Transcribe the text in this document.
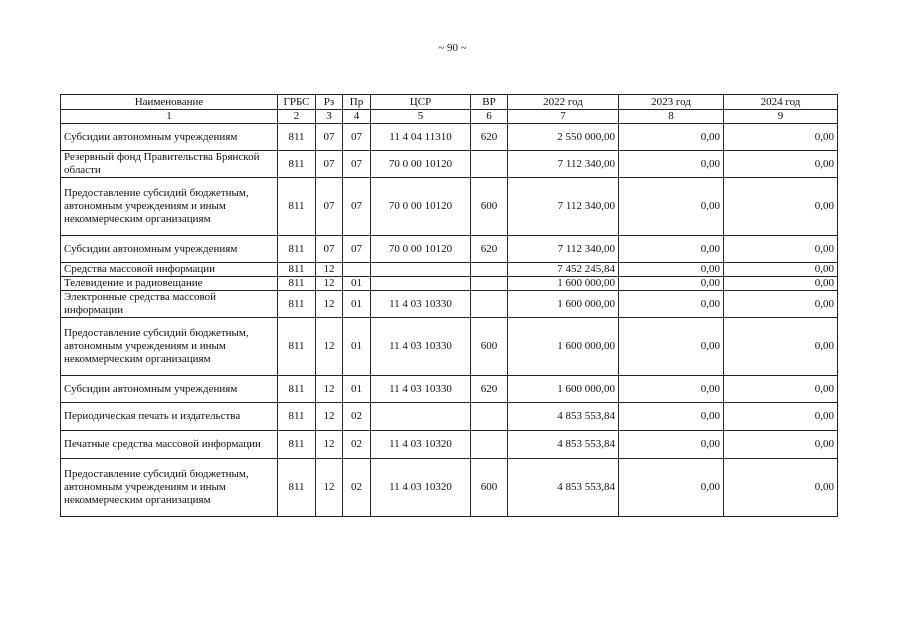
~ 90 ~
Наименование	ГРБС	Рз	Пр	ЦСР	ВР	2022 год	2023 год	2024 год
1	2	3	4	5	6	7	8	9
Субсидии автономным учреждениям	811	07	07	11 4 04 11310	620	2 550 000,00	0,00	0,00
Резервный фонд Правительства Брянской области	811	07	07	70 0 00 10120		7 112 340,00	0,00	0,00
Предоставление субсидий бюджетным, автономным учреждениям и иным некоммерческим организациям	811	07	07	70 0 00 10120	600	7 112 340,00	0,00	0,00
Субсидии автономным учреждениям	811	07	07	70 0 00 10120	620	7 112 340,00	0,00	0,00
Средства массовой информации	811	12				7 452 245,84	0,00	0,00
Телевидение и радиовещание	811	12	01			1 600 000,00	0,00	0,00
Электронные средства массовой информации	811	12	01	11 4 03 10330		1 600 000,00	0,00	0,00
Предоставление субсидий бюджетным, автономным учреждениям и иным некоммерческим организациям	811	12	01	11 4 03 10330	600	1 600 000,00	0,00	0,00
Субсидии автономным учреждениям	811	12	01	11 4 03 10330	620	1 600 000,00	0,00	0,00
Периодическая печать и издательства	811	12	02			4 853 553,84	0,00	0,00
Печатные средства массовой информации	811	12	02	11 4 03 10320		4 853 553,84	0,00	0,00
Предоставление субсидий бюджетным, автономным учреждениям и иным некоммерческим организациям	811	12	02	11 4 03 10320	600	4 853 553,84	0,00	0,00
